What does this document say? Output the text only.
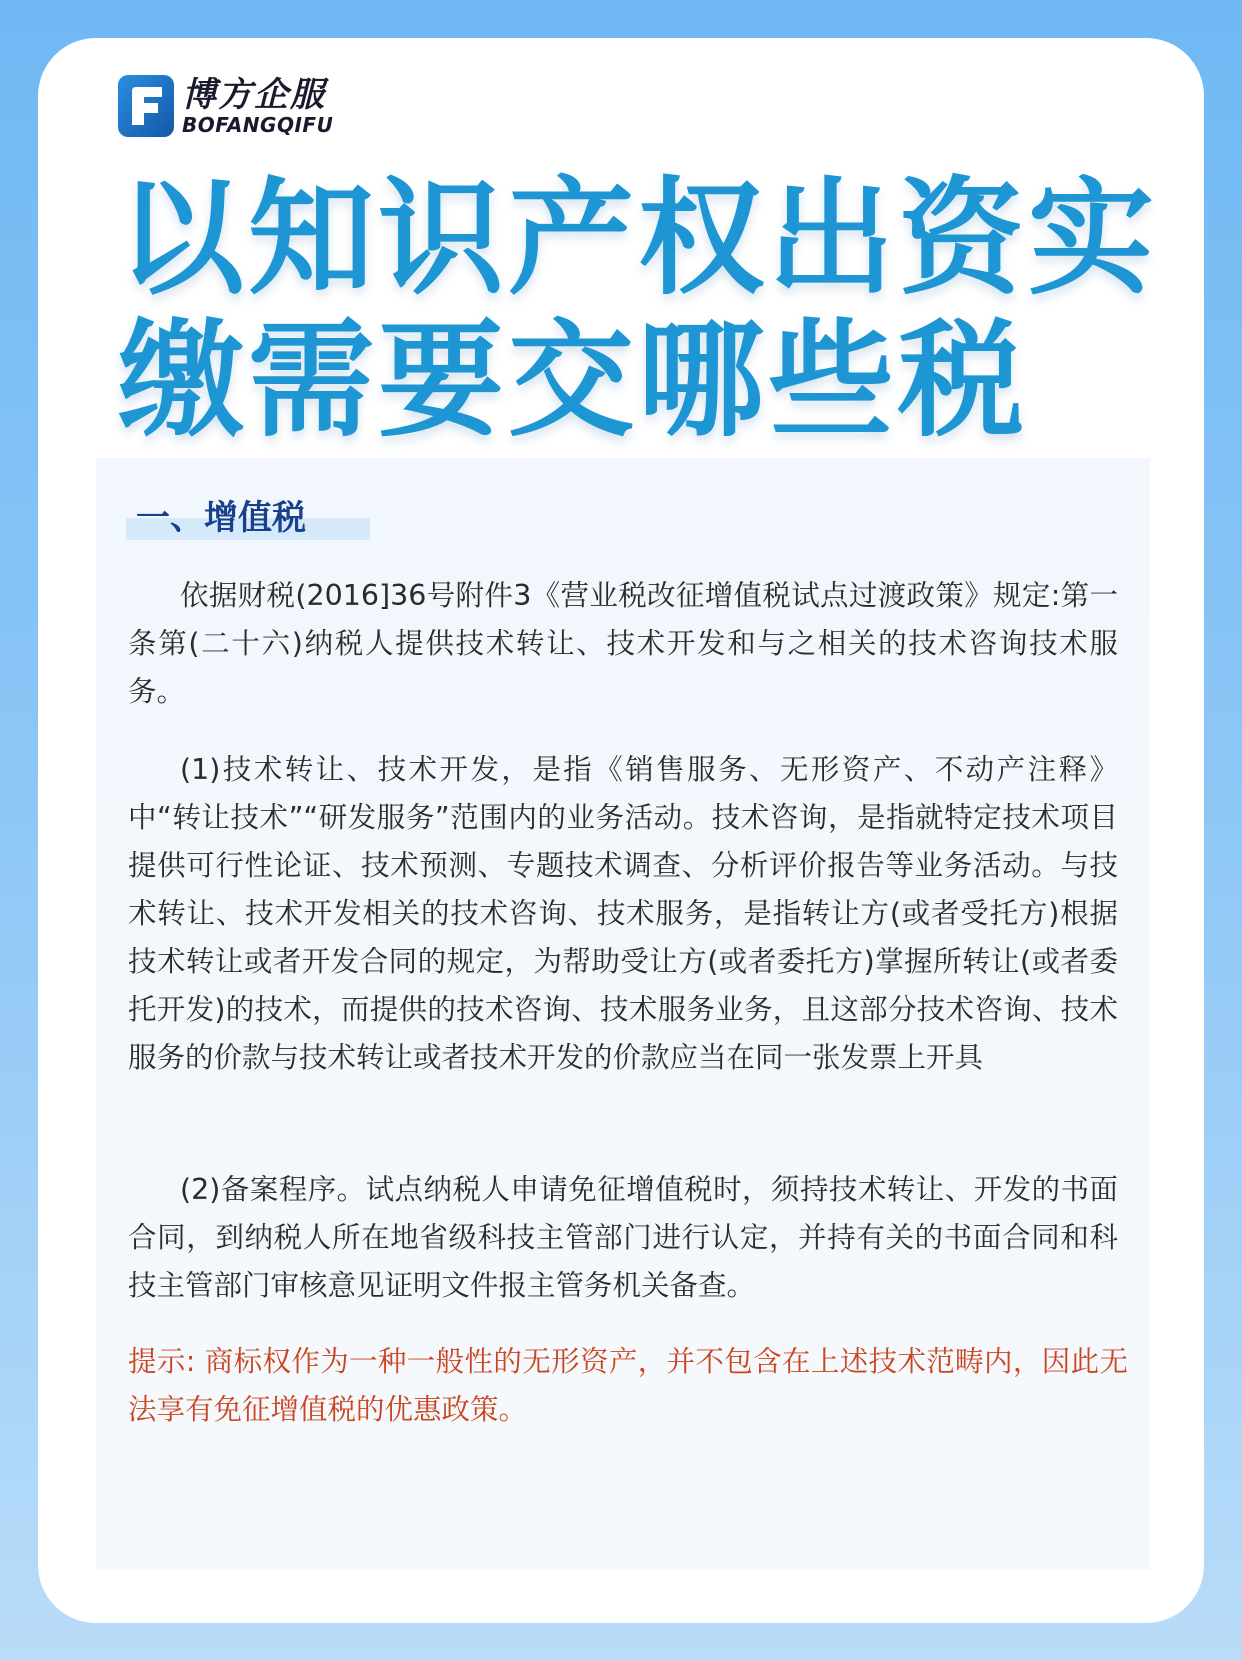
博方企服
BOFANGQIFU
以知识产权出资实
缴需要交哪些税
一、增值税

依据财税(2016]36号附件3《营业税改征增值税试点过渡政策》规定:第一条第(二十六)纳税人提供技术转让、技术开发和与之相关的技术咨询技术服务。

(1)技术转让、技术开发，是指《销售服务、无形资产、不动产注释》中“转让技术”“研发服务”范围内的业务活动。技术咨询，是指就特定技术项目提供可行性论证、技术预测、专题技术调查、分析评价报告等业务活动。与技术转让、技术开发相关的技术咨询、技术服务，是指转让方(或者受托方)根据技术转让或者开发合同的规定，为帮助受让方(或者委托方)掌握所转让(或者委托开发)的技术，而提供的技术咨询、技术服务业务，且这部分技术咨询、技术服务的价款与技术转让或者技术开发的价款应当在同一张发票上开具

(2)备案程序。试点纳税人申请免征增值税时，须持技术转让、开发的书面合同，到纳税人所在地省级科技主管部门进行认定，并持有关的书面合同和科技主管部门审核意见证明文件报主管务机关备查。

提示: 商标权作为一种一般性的无形资产，并不包含在上述技术范畴内，因此无法享有免征增值税的优惠政策。
